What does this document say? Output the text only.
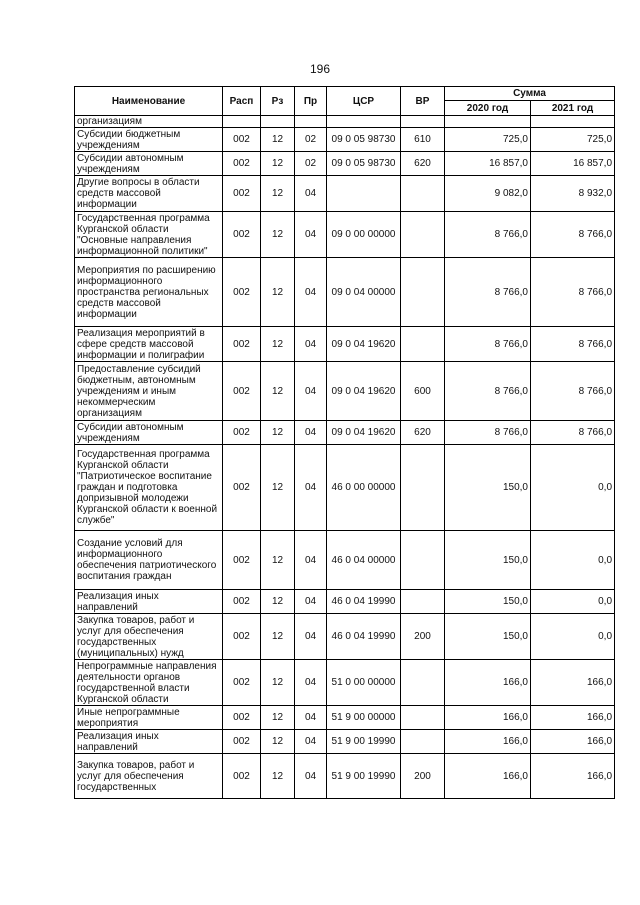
196
Наименование	Расп	Рз	Пр	ЦСР	ВР	Сумма	
						2020 год	2021 год
организациям							
Субсидии бюджетным учреждениям	002	12	02	09 0 05 98730	610	725,0	725,0
Субсидии автономным учреждениям	002	12	02	09 0 05 98730	620	16 857,0	16 857,0
Другие вопросы в области средств массовой информации	002	12	04			9 082,0	8 932,0
Государственная программа Курганской области "Основные направления информационной политики"	002	12	04	09 0 00 00000		8 766,0	8 766,0
Мероприятия по расширению информационного пространства региональных средств массовой информации	002	12	04	09 0 04 00000		8 766,0	8 766,0
Реализация мероприятий в сфере средств массовой информации и полиграфии	002	12	04	09 0 04 19620		8 766,0	8 766,0
Предоставление субсидий бюджетным, автономным учреждениям и иным некоммерческим организациям	002	12	04	09 0 04 19620	600	8 766,0	8 766,0
Субсидии автономным учреждениям	002	12	04	09 0 04 19620	620	8 766,0	8 766,0
Государственная программа Курганской области "Патриотическое воспитание граждан и подготовка допризывной молодежи Курганской области к военной службе"	002	12	04	46 0 00 00000		150,0	0,0
Создание условий для информационного обеспечения патриотического воспитания граждан	002	12	04	46 0 04 00000		150,0	0,0
Реализация иных направлений	002	12	04	46 0 04 19990		150,0	0,0
Закупка товаров, работ и услуг для обеспечения государственных (муниципальных) нужд	002	12	04	46 0 04 19990	200	150,0	0,0
Непрограммные направления деятельности органов государственной власти Курганской области	002	12	04	51 0 00 00000		166,0	166,0
Иные непрограммные мероприятия	002	12	04	51 9 00 00000		166,0	166,0
Реализация иных направлений	002	12	04	51 9 00 19990		166,0	166,0
Закупка товаров, работ и услуг для обеспечения государственных	002	12	04	51 9 00 19990	200	166,0	166,0
